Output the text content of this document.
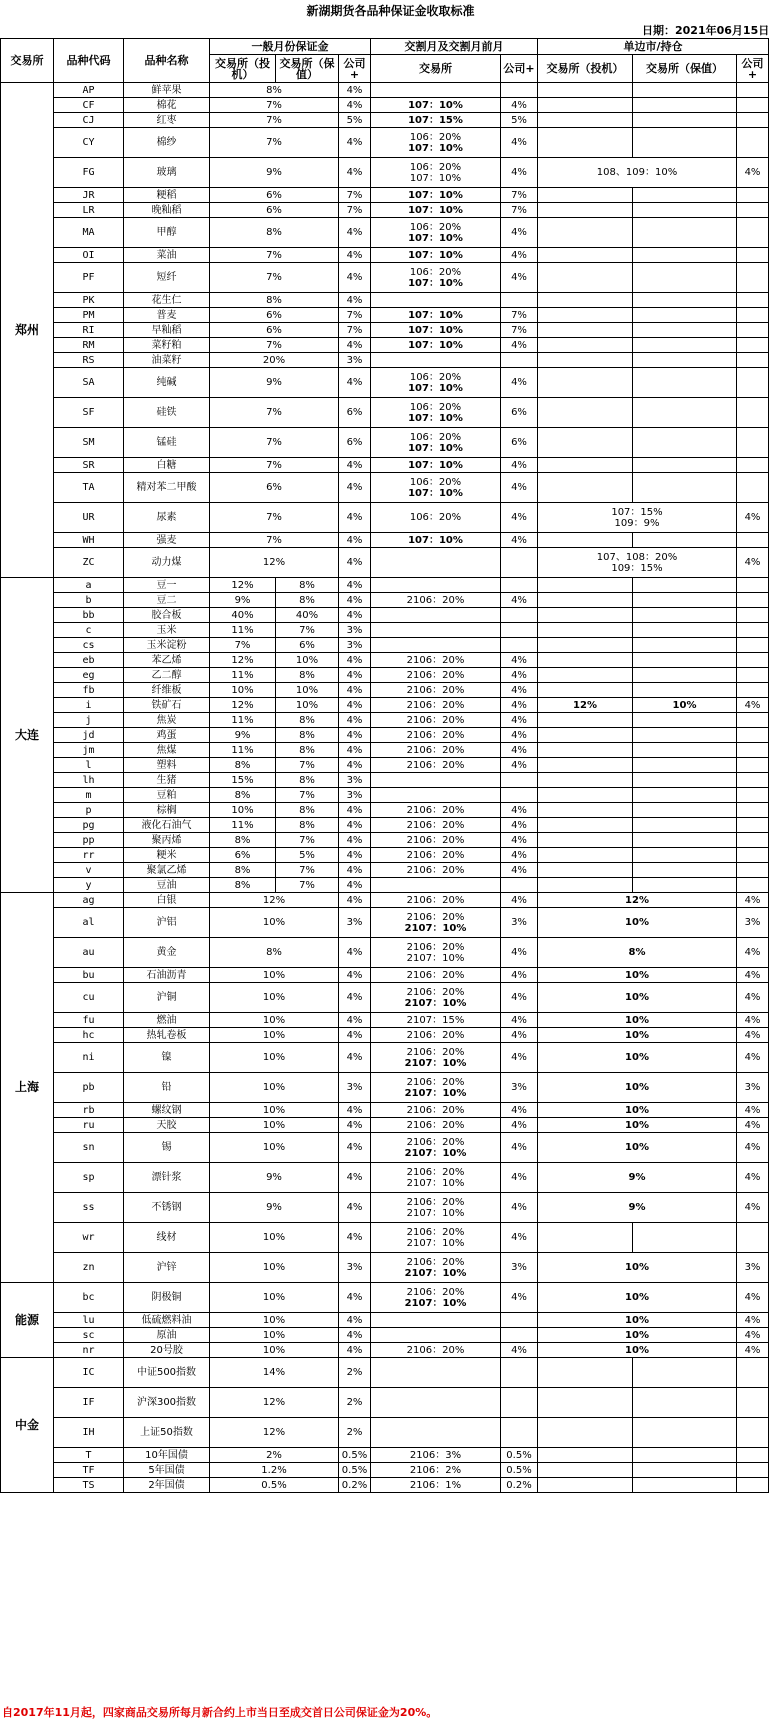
新湖期货各品种保证金收取标准
日期：2021年06月15日
交易所	品种代码	品种名称	一般月份保证金			交割月及交割月前月		单边市/持仓		
			交易所（投机）	交易所（保值）	公司+	交易所	公司+	交易所（投机）	交易所（保值）	公司+
郑州	AP	鲜苹果	8%		4%					
	CF	棉花	7%		4%	107：10%	4%			
	CJ	红枣	7%		5%	107：15%	5%			
	CY	棉纱	7%		4%	106：20%
107：10%	4%			
	FG	玻璃	9%		4%	106：20%
107：10%	4%	108、109：10%		4%
	JR	粳稻	6%		7%	107：10%	7%			
	LR	晚籼稻	6%		7%	107：10%	7%			
	MA	甲醇	8%		4%	106：20%
107：10%	4%			
	OI	菜油	7%		4%	107：10%	4%			
	PF	短纤	7%		4%	106：20%
107：10%	4%			
	PK	花生仁	8%		4%					
	PM	普麦	6%		7%	107：10%	7%			
	RI	早籼稻	6%		7%	107：10%	7%			
	RM	菜籽粕	7%		4%	107：10%	4%			
	RS	油菜籽	20%		3%					
	SA	纯碱	9%		4%	106：20%
107：10%	4%			
	SF	硅铁	7%		6%	106：20%
107：10%	6%			
	SM	锰硅	7%		6%	106：20%
107：10%	6%			
	SR	白糖	7%		4%	107：10%	4%			
	TA	精对苯二甲酸	6%		4%	106：20%
107：10%	4%			
	UR	尿素	7%		4%	106：20%	4%	107：15%
109：9%		4%
	WH	强麦	7%		4%	107：10%	4%			
	ZC	动力煤	12%		4%			107、108：20%
109：15%		4%
大连	a	豆一	12%	8%	4%					
	b	豆二	9%	8%	4%	2106：20%	4%			
	bb	胶合板	40%	40%	4%					
	c	玉米	11%	7%	3%					
	cs	玉米淀粉	7%	6%	3%					
	eb	苯乙烯	12%	10%	4%	2106：20%	4%			
	eg	乙二醇	11%	8%	4%	2106：20%	4%			
	fb	纤维板	10%	10%	4%	2106：20%	4%			
	i	铁矿石	12%	10%	4%	2106：20%	4%	12%	10%	4%
	j	焦炭	11%	8%	4%	2106：20%	4%			
	jd	鸡蛋	9%	8%	4%	2106：20%	4%			
	jm	焦煤	11%	8%	4%	2106：20%	4%			
	l	塑料	8%	7%	4%	2106：20%	4%			
	lh	生猪	15%	8%	3%					
	m	豆粕	8%	7%	3%					
	p	棕榈	10%	8%	4%	2106：20%	4%			
	pg	液化石油气	11%	8%	4%	2106：20%	4%			
	pp	聚丙烯	8%	7%	4%	2106：20%	4%			
	rr	粳米	6%	5%	4%	2106：20%	4%			
	v	聚氯乙烯	8%	7%	4%	2106：20%	4%			
	y	豆油	8%	7%	4%					
上海	ag	白银	12%		4%	2106：20%	4%	12%		4%
	al	沪铝	10%		3%	2106：20%
2107：10%	3%	10%		3%
	au	黄金	8%		4%	2106：20%
2107：10%	4%	8%		4%
	bu	石油沥青	10%		4%	2106：20%	4%	10%		4%
	cu	沪铜	10%		4%	2106：20%
2107：10%	4%	10%		4%
	fu	燃油	10%		4%	2107：15%	4%	10%		4%
	hc	热轧卷板	10%		4%	2106：20%	4%	10%		4%
	ni	镍	10%		4%	2106：20%
2107：10%	4%	10%		4%
	pb	铅	10%		3%	2106：20%
2107：10%	3%	10%		3%
	rb	螺纹钢	10%		4%	2106：20%	4%	10%		4%
	ru	天胶	10%		4%	2106：20%	4%	10%		4%
	sn	锡	10%		4%	2106：20%
2107：10%	4%	10%		4%
	sp	漂针浆	9%		4%	2106：20%
2107：10%	4%	9%		4%
	ss	不锈钢	9%		4%	2106：20%
2107：10%	4%	9%		4%
	wr	线材	10%		4%	2106：20%
2107：10%	4%			
	zn	沪锌	10%		3%	2106：20%
2107：10%	3%	10%		3%
能源	bc	阴极铜	10%		4%	2106：20%
2107：10%	4%	10%		4%
	lu	低硫燃料油	10%		4%			10%		4%
	sc	原油	10%		4%			10%		4%
	nr	20号胶	10%		4%	2106：20%	4%	10%		4%
中金	IC	中证500指数	14%		2%					
	IF	沪深300指数	12%		2%					
	IH	上证50指数	12%		2%					
	T	10年国债	2%		0.5%	2106：3%	0.5%			
	TF	5年国债	1.2%		0.5%	2106：2%	0.5%			
	TS	2年国债	0.5%		0.2%	2106：1%	0.2%			
自2017年11月起，四家商品交易所每月新合约上市当日至成交首日公司保证金为20%。
